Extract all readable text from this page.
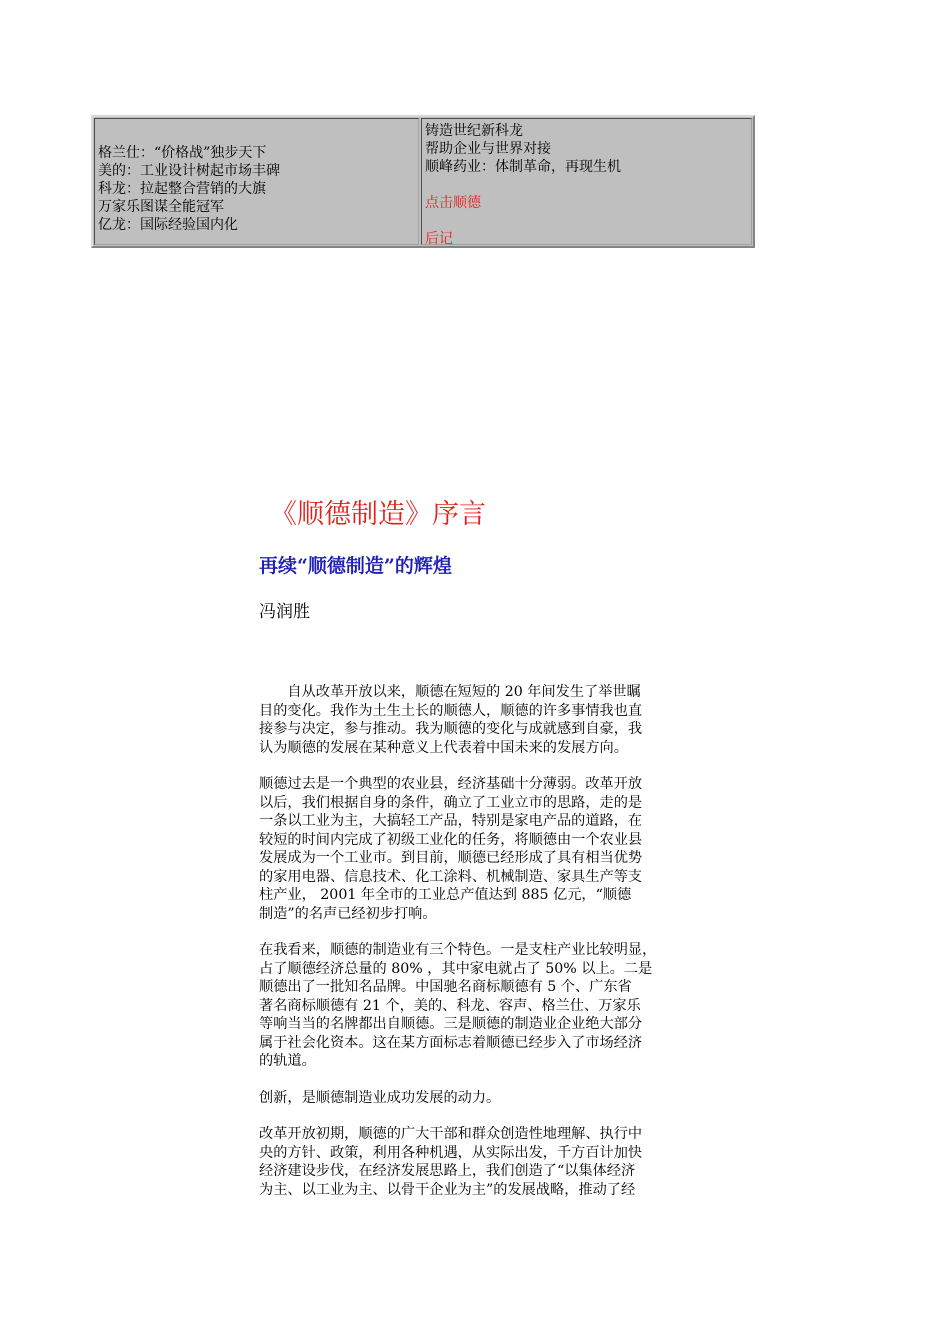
格兰仕：“价格战”独步天下
美的：工业设计树起市场丰碑
科龙：拉起整合营销的大旗
万家乐图谋全能冠军
亿龙：国际经验国内化
铸造世纪新科龙
帮助企业与世界对接
顺峰药业：体制革命，再现生机
点击顺德
后记
《顺德制造》序言
再续“顺德制造”的辉煌

冯润胜

　　自从改革开放以来，顺德在短短的 20 年间发生了举世瞩
目的变化。我作为土生土长的顺德人，顺德的许多事情我也直
接参与决定，参与推动。我为顺德的变化与成就感到自豪，我
认为顺德的发展在某种意义上代表着中国未来的发展方向。

顺德过去是一个典型的农业县，经济基础十分薄弱。改革开放
以后，我们根据自身的条件，确立了工业立市的思路，走的是
一条以工业为主，大搞轻工产品，特别是家电产品的道路，在
较短的时间内完成了初级工业化的任务，将顺德由一个农业县
发展成为一个工业市。到目前，顺德已经形成了具有相当优势
的家用电器、信息技术、化工涂料、机械制造、家具生产等支
柱产业， 2001 年全市的工业总产值达到 885 亿元，“顺德
制造”的名声已经初步打响。

在我看来，顺德的制造业有三个特色。一是支柱产业比较明显，
占了顺德经济总量的 80% ，其中家电就占了 50% 以上。二是
顺德出了一批知名品牌。中国驰名商标顺德有 5 个、广东省
著名商标顺德有 21 个，美的、科龙、容声、格兰仕、万家乐
等响当当的名牌都出自顺德。三是顺德的制造业企业绝大部分
属于社会化资本。这在某方面标志着顺德已经步入了市场经济
的轨道。

创新，是顺德制造业成功发展的动力。

改革开放初期，顺德的广大干部和群众创造性地理解、执行中
央的方针、政策，利用各种机遇，从实际出发，千方百计加快
经济建设步伐，在经济发展思路上，我们创造了“以集体经济
为主、以工业为主、以骨干企业为主”的发展战略，推动了经
